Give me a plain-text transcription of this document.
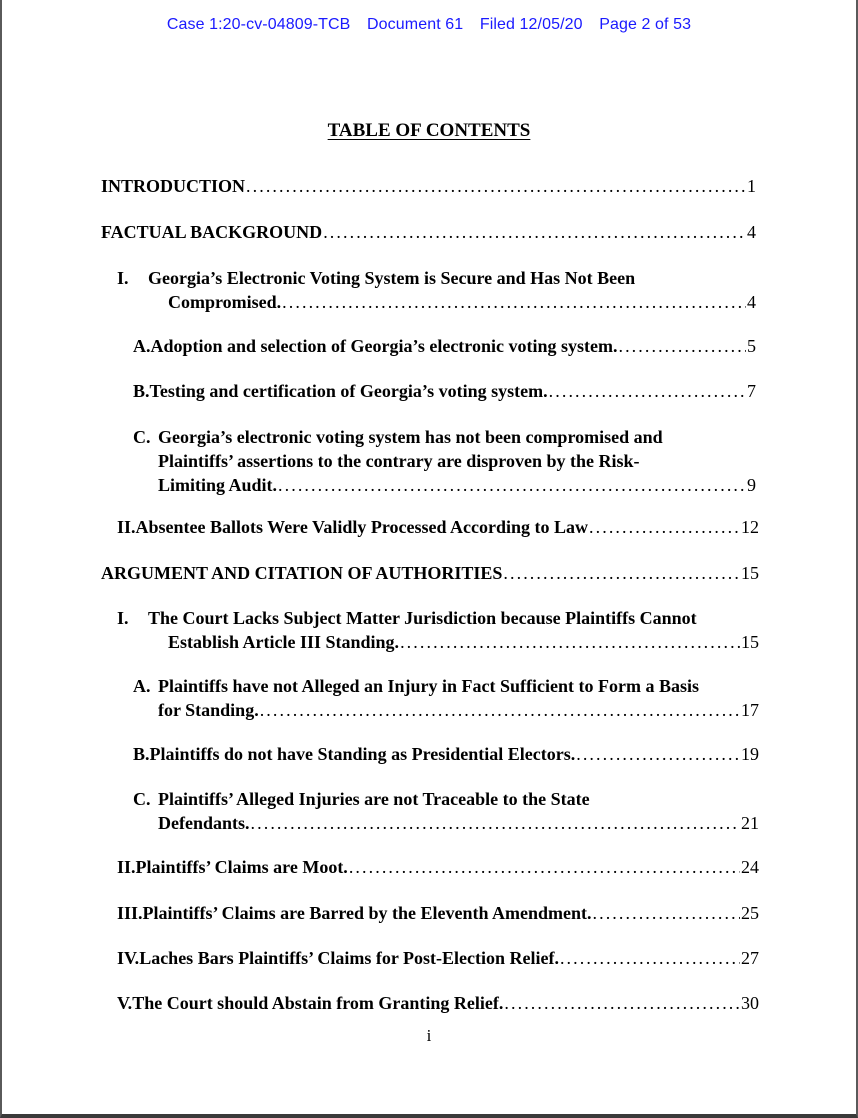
Case 1:20-cv-04809-TCB Document 61 Filed 12/05/20 Page 2 of 53
TABLE OF CONTENTS
INTRODUCTION . . .	1
FACTUAL BACKGROUND . . .	4
I.	Georgia’s Electronic Voting System is Secure and Has Not Been
Compromised. . . .	4
A. Adoption and selection of Georgia’s electronic voting system. . . .	5
B. Testing and certification of Georgia’s voting system. . . .	7
C. Georgia’s electronic voting system has not been compromised and
Plaintiffs’ assertions to the contrary are disproven by the Risk-
Limiting Audit. . . .	9
II. Absentee Ballots Were Validly Processed According to Law . . .	12
ARGUMENT AND CITATION OF AUTHORITIES . . .	15
I.	The Court Lacks Subject Matter Jurisdiction because Plaintiffs Cannot
Establish Article III Standing. . . .	15
A. Plaintiffs have not Alleged an Injury in Fact Sufficient to Form a Basis
for Standing. . . .	17
B. Plaintiffs do not have Standing as Presidential Electors. . . .	19
C. Plaintiffs’ Alleged Injuries are not Traceable to the State
Defendants. . . .	21
II. Plaintiffs’ Claims are Moot. . . .	24
III. Plaintiffs’ Claims are Barred by the Eleventh Amendment. . . .	25
IV. Laches Bars Plaintiffs’ Claims for Post-Election Relief. . . .	27
V. The Court should Abstain from Granting Relief. . . .	30
i
